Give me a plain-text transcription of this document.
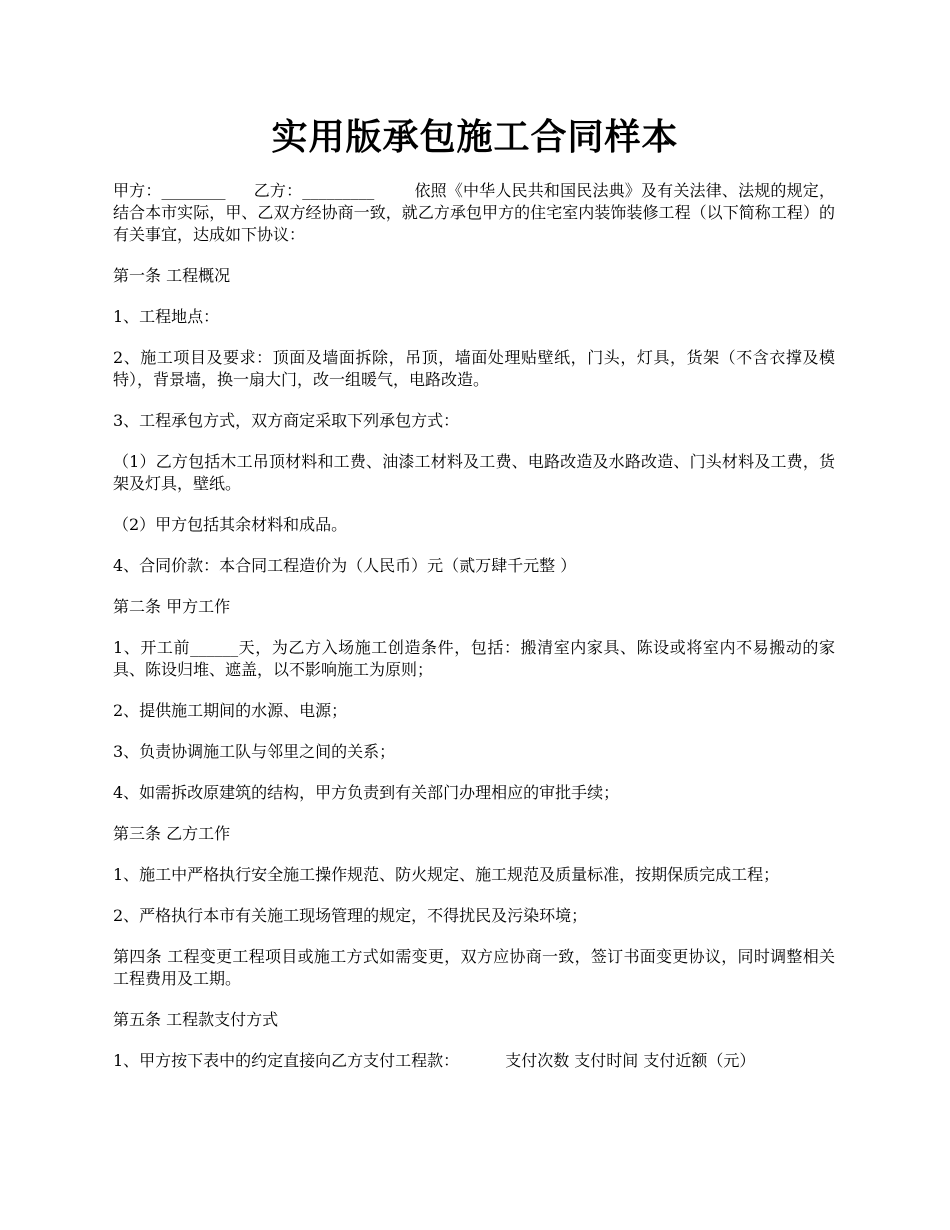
实用版承包施工合同样本

甲方：________ 乙方：_________	依照《中华人民共和国民法典》及有关法律、法规的规定，结合本市实际，甲、乙双方经协商一致，就乙方承包甲方的住宅室内装饰装修工程（以下简称工程）的有关事宜，达成如下协议：

第一条 工程概况

1、工程地点：

2、施工项目及要求：顶面及墙面拆除，吊顶，墙面处理贴壁纸，门头，灯具，货架（不含衣撑及模特），背景墙，换一扇大门，改一组暖气，电路改造。

3、工程承包方式，双方商定采取下列承包方式：

（1）乙方包括木工吊顶材料和工费、油漆工材料及工费、电路改造及水路改造、门头材料及工费，货架及灯具，壁纸。

（2）甲方包括其余材料和成品。

4、合同价款：本合同工程造价为（人民币）元（贰万肆千元整 ）

第二条 甲方工作

1、开工前______天，为乙方入场施工创造条件，包括：搬清室内家具、陈设或将室内不易搬动的家具、陈设归堆、遮盖，以不影响施工为原则；

2、提供施工期间的水源、电源；

3、负责协调施工队与邻里之间的关系；

4、如需拆改原建筑的结构，甲方负责到有关部门办理相应的审批手续；

第三条 乙方工作

1、施工中严格执行安全施工操作规范、防火规定、施工规范及质量标准，按期保质完成工程；

2、严格执行本市有关施工现场管理的规定，不得扰民及污染环境；

第四条 工程变更工程项目或施工方式如需变更，双方应协商一致，签订书面变更协议，同时调整相关工程费用及工期。

第五条 工程款支付方式

1、甲方按下表中的约定直接向乙方支付工程款：	支付次数 支付时间 支付近额（元）
